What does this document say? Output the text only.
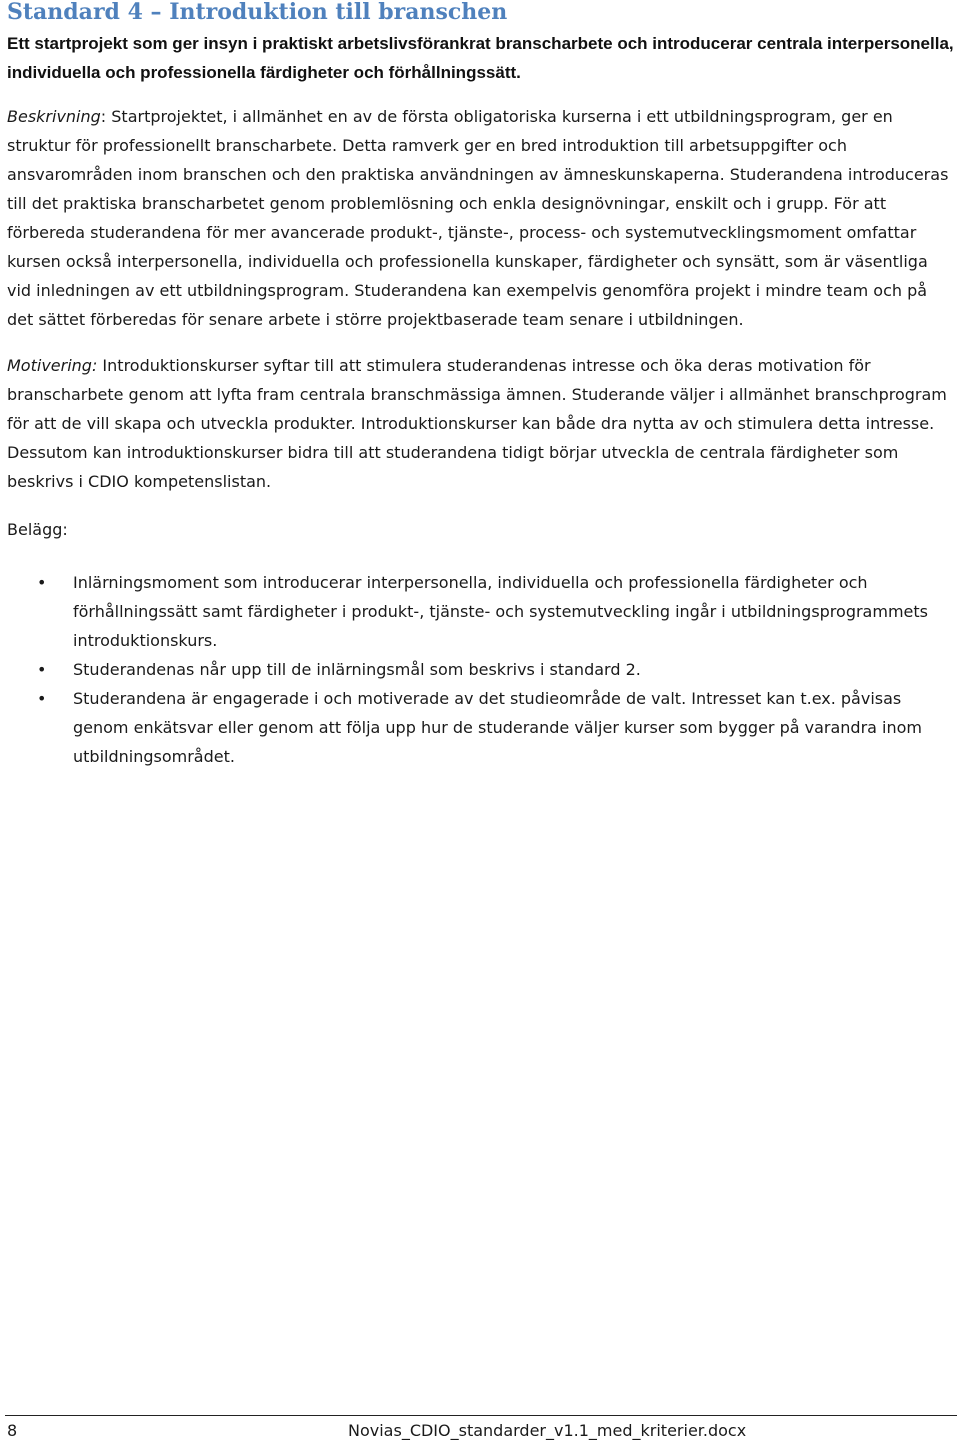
Standard 4 – Introduktion till branschen

Ett startprojekt som ger insyn i praktiskt arbetslivsförankrat branscharbete och introducerar centrala interpersonella, individuella och professionella färdigheter och förhållningssätt.

Beskrivning: Startprojektet, i allmänhet en av de första obligatoriska kurserna i ett utbildningsprogram, ger en struktur för professionellt branscharbete. Detta ramverk ger en bred introduktion till arbetsuppgifter och ansvarområden inom branschen och den praktiska användningen av ämneskunskaperna. Studerandena introduceras till det praktiska branscharbetet genom problemlösning och enkla designövningar, enskilt och i grupp. För att förbereda studerandena för mer avancerade produkt-, tjänste-, process- och systemutvecklingsmoment omfattar kursen också interpersonella, individuella och professionella kunskaper, färdigheter och synsätt, som är väsentliga vid inledningen av ett utbildningsprogram. Studerandena kan exempelvis genomföra projekt i mindre team och på det sättet förberedas för senare arbete i större projektbaserade team senare i utbildningen.

Motivering: Introduktionskurser syftar till att stimulera studerandenas intresse och öka deras motivation för branscharbete genom att lyfta fram centrala branschmässiga ämnen. Studerande väljer i allmänhet branschprogram för att de vill skapa och utveckla produkter. Introduktionskurser kan både dra nytta av och stimulera detta intresse. Dessutom kan introduktionskurser bidra till att studerandena tidigt börjar utveckla de centrala färdigheter som beskrivs i CDIO kompetenslistan.

Belägg:

• Inlärningsmoment som introducerar interpersonella, individuella och professionella färdigheter och förhållningssätt samt färdigheter i produkt-, tjänste- och systemutveckling ingår i utbildningsprogrammets introduktionskurs.
• Studerandenas når upp till de inlärningsmål som beskrivs i standard 2.
• Studerandena är engagerade i och motiverade av det studieområde de valt. Intresset kan t.ex. påvisas genom enkätsvar eller genom att följa upp hur de studerande väljer kurser som bygger på varandra inom utbildningsområdet.
8	Novias_CDIO_standarder_v1.1_med_kriterier.docx
